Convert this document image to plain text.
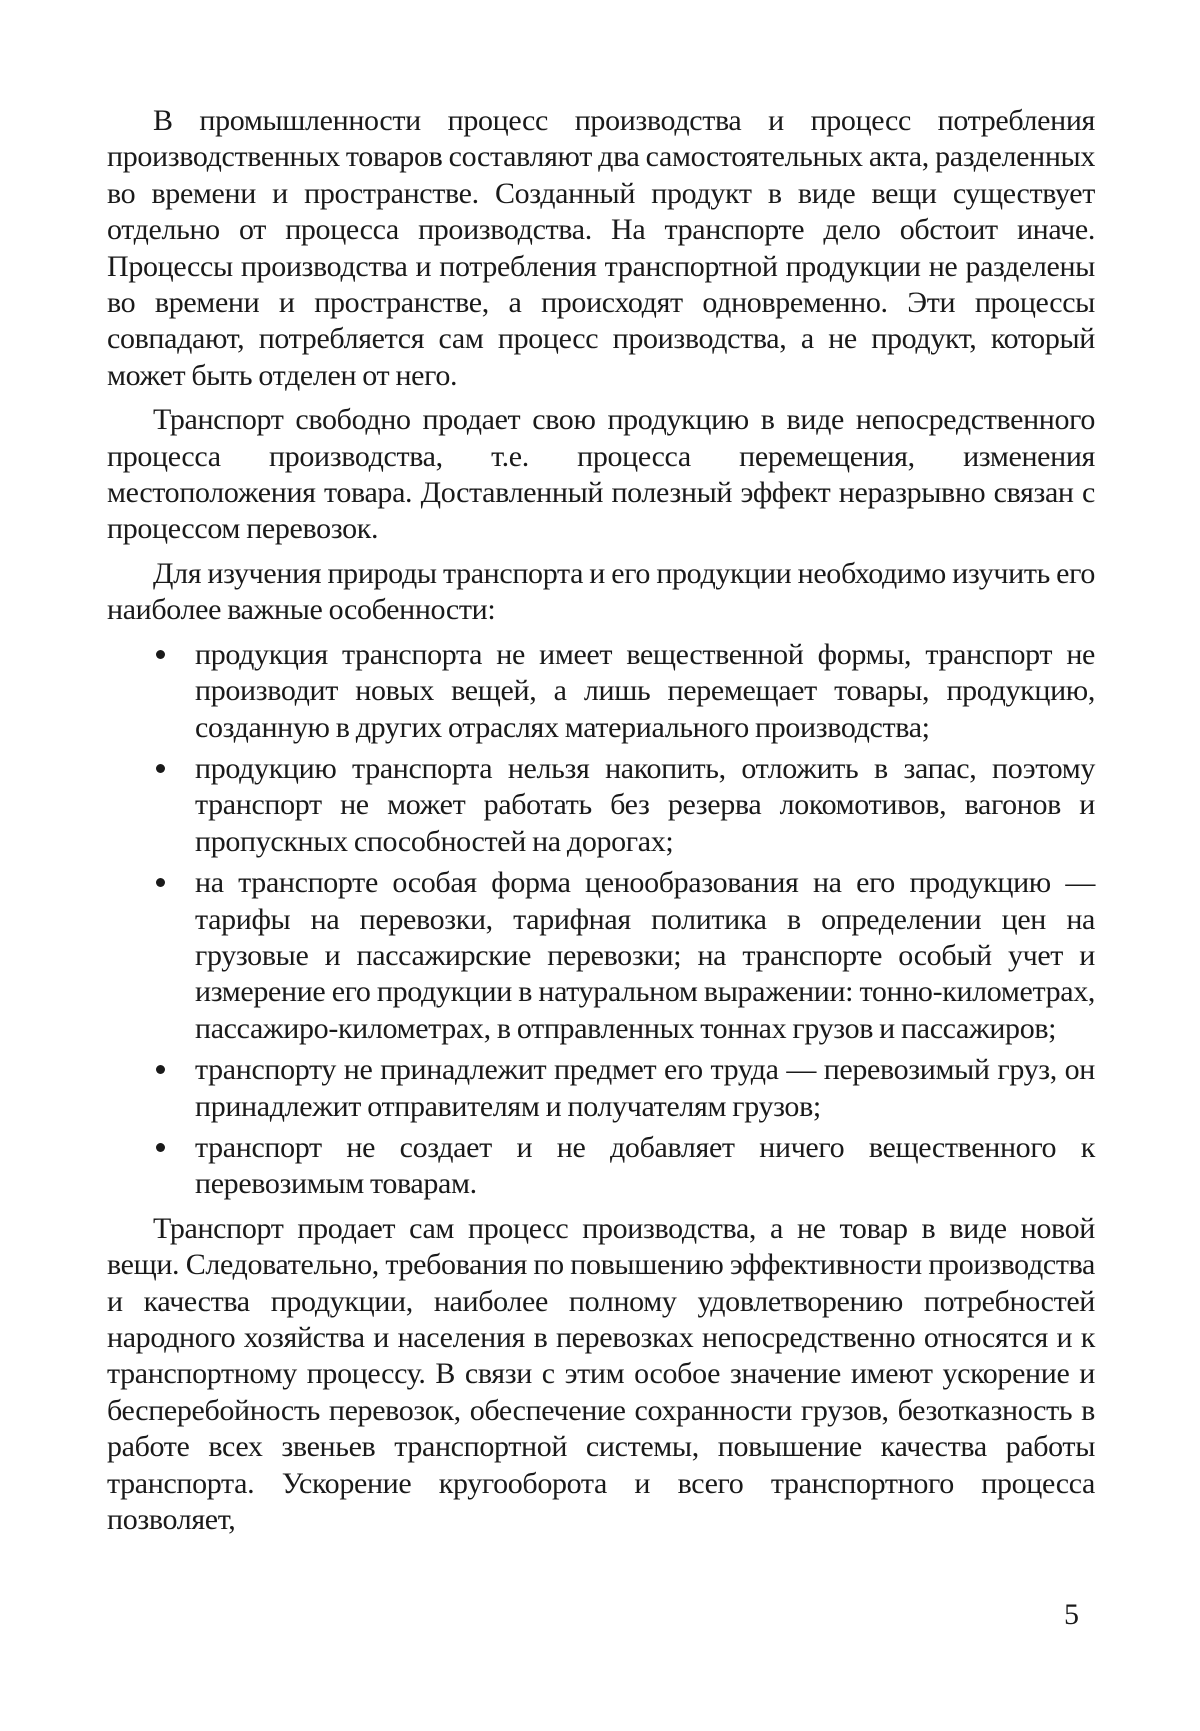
В промышленности процесс производства и процесс потребления производственных товаров составляют два самостоятельных акта, разделенных во времени и пространстве. Созданный продукт в виде вещи существует отдельно от процесса производства. На транспорте дело обстоит иначе. Процессы производства и потребления транспортной продукции не разделены во времени и пространстве, а происходят одновременно. Эти процессы совпадают, потребляется сам процесс производства, а не продукт, который может быть отделен от него.

Транспорт свободно продает свою продукцию в виде непосредственного процесса производства, т.е. процесса перемещения, изменения местоположения товара. Доставленный полезный эффект неразрывно связан с процессом перевозок.

Для изучения природы транспорта и его продукции необходимо изучить его наиболее важные особенности:

продукция транспорта не имеет вещественной формы, транспорт не производит новых вещей, а лишь перемещает товары, продукцию, созданную в других отраслях материального производства;
продукцию транспорта нельзя накопить, отложить в запас, поэтому транспорт не может работать без резерва локомотивов, вагонов и пропускных способностей на дорогах;
на транспорте особая форма ценообразования на его продукцию — тарифы на перевозки, тарифная политика в определении цен на грузовые и пассажирские перевозки; на транспорте особый учет и измерение его продукции в натуральном выражении: тонно-километрах, пассажиро-километрах, в отправленных тоннах грузов и пассажиров;
транспорту не принадлежит предмет его труда — перевозимый груз, он принадлежит отправителям и получателям грузов;
транспорт не создает и не добавляет ничего вещественного к перевозимым товарам.

Транспорт продает сам процесс производства, а не товар в виде новой вещи. Следовательно, требования по повышению эффективности производства и качества продукции, наиболее полному удовлетворению потребностей народного хозяйства и населения в перевозках непосредственно относятся и к транспортному процессу. В связи с этим особое значение имеют ускорение и бесперебойность перевозок, обеспечение сохранности грузов, безотказность в работе всех звеньев транспортной системы, повышение качества работы транспорта. Ускорение кругооборота и всего транспортного процесса позволяет,

5
